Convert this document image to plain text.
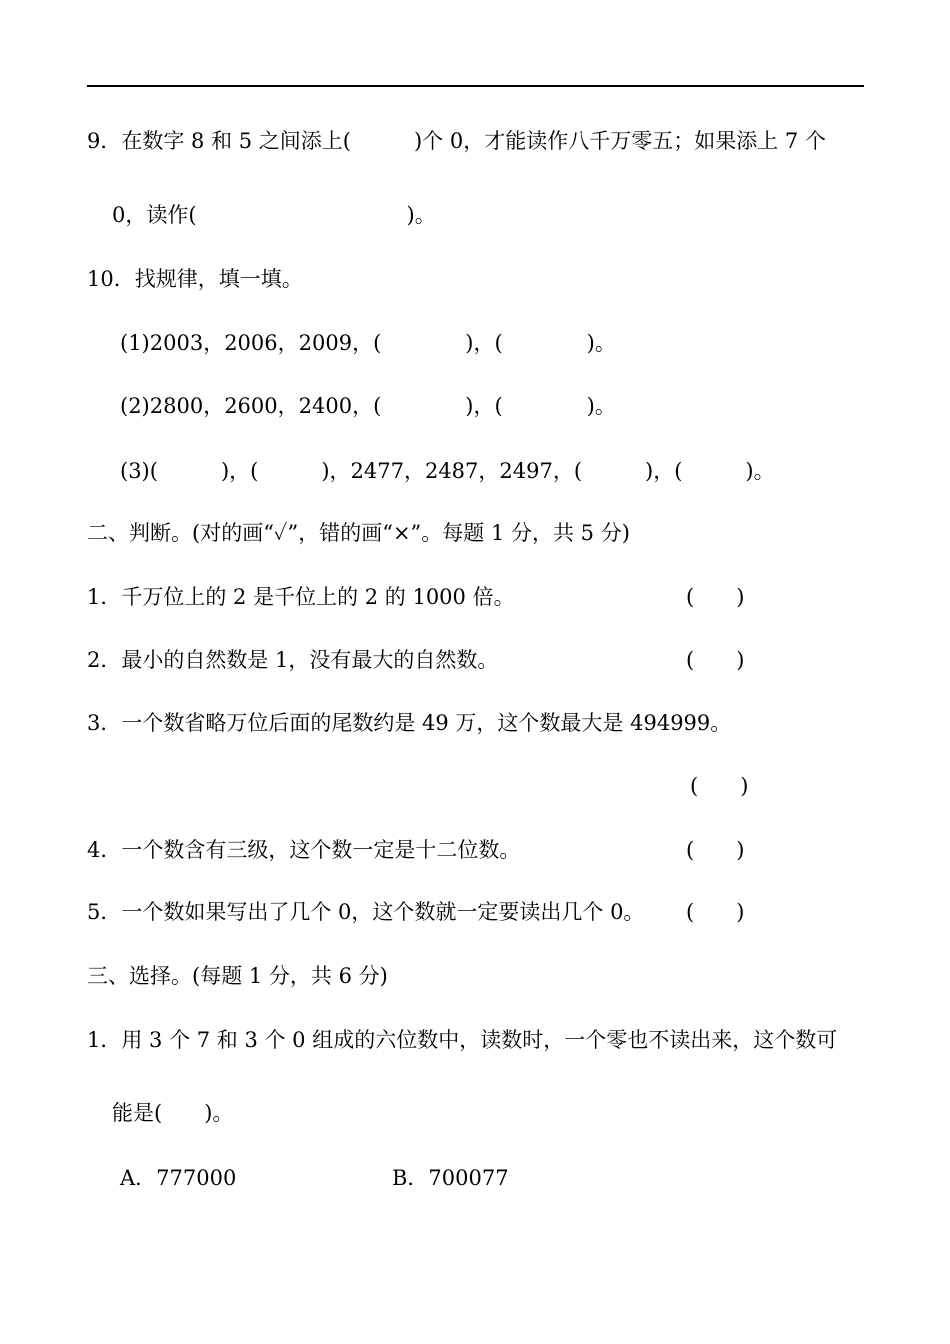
9．在数字 8 和 5 之间添上(　　　)个 0，才能读作八千万零五；如果添上 7 个
0，读作(　　　　　　　　　　)。
10．找规律，填一填。
(1)2003，2006，2009，(　　　　)，(　　　　)。
(2)2800，2600，2400，(　　　　)，(　　　　)。
(3)(　　　)，(　　　)，2477，2487，2497，(　　　)，(　　　)。
二、判断。(对的画“✓”，错的画“×”。每题 1 分，共 5 分)
1．千万位上的 2 是千位上的 2 的 1000 倍。	(　　)
2．最小的自然数是 1，没有最大的自然数。	(　　)
3．一个数省略万位后面的尾数约是 49 万，这个数最大是 494999。
(　　)
4．一个数含有三级，这个数一定是十二位数。	(　　)
5．一个数如果写出了几个 0，这个数就一定要读出几个 0。 (　　)
三、选择。(每题 1 分，共 6 分)
1．用 3 个 7 和 3 个 0 组成的六位数中，读数时，一个零也不读出来，这个数可
能是(　　)。
A．777000	B．700077
